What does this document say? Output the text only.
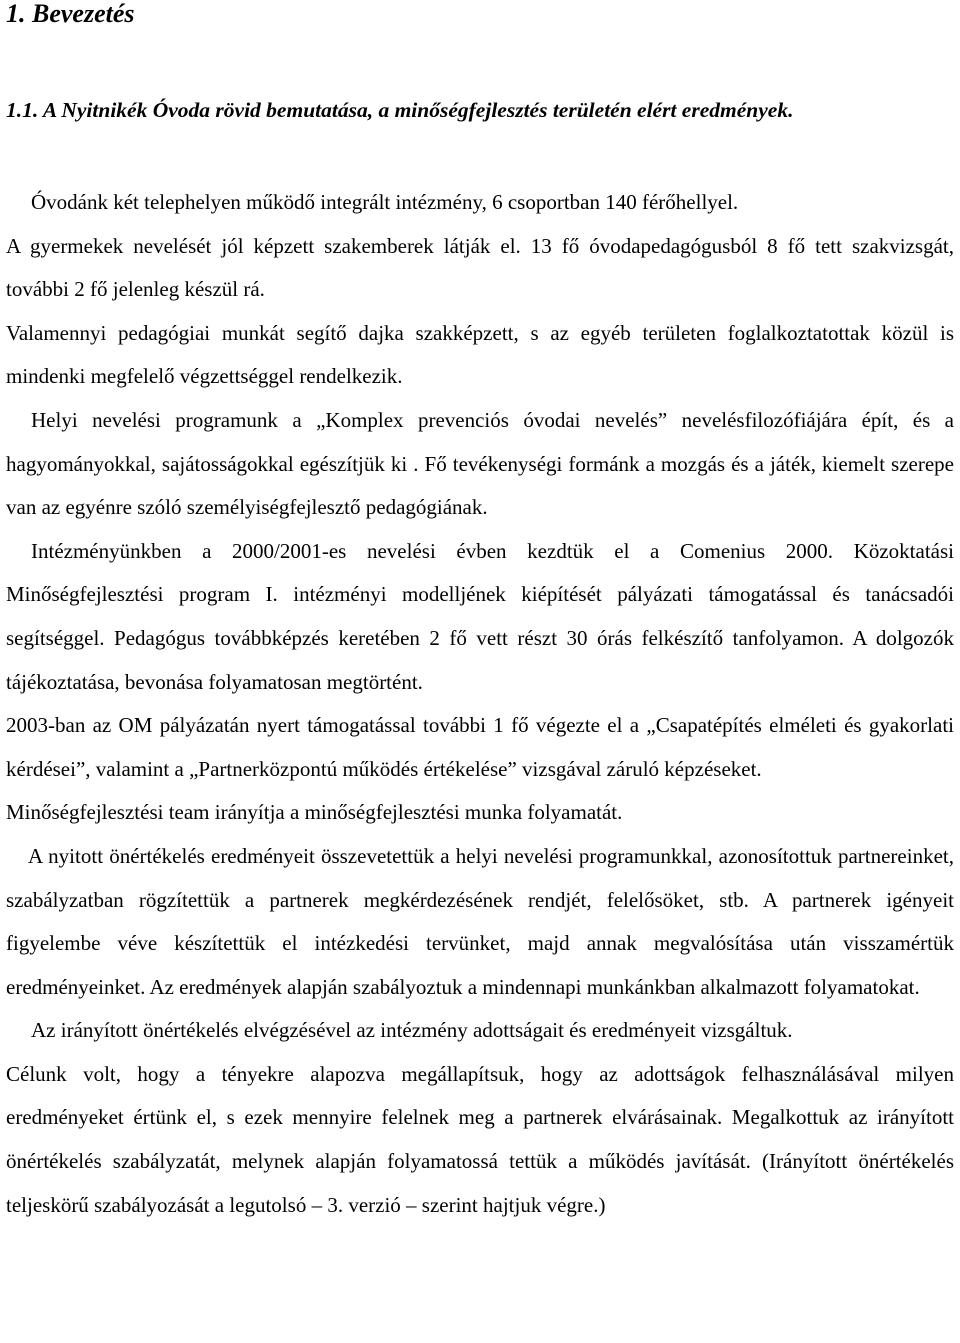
1. Bevezetés
1.1. A Nyitnikék Óvoda rövid bemutatása, a minőségfejlesztés területén elért eredmények.

Óvodánk két telephelyen működő integrált intézmény, 6 csoportban 140 férőhellyel.

A gyermekek nevelését jól képzett szakemberek látják el. 13 fő óvodapedagógusból 8 fő tett szakvizsgát, további 2 fő jelenleg készül rá.

Valamennyi pedagógiai munkát segítő dajka szakképzett, s az egyéb területen foglalkoztatottak közül is mindenki megfelelő végzettséggel rendelkezik.

Helyi nevelési programunk a „Komplex prevenciós óvodai nevelés” nevelésfilozófiájára épít, és a hagyományokkal, sajátosságokkal egészítjük ki . Fő tevékenységi formánk a mozgás és a játék, kiemelt szerepe van az egyénre szóló személyiségfejlesztő pedagógiának.

Intézményünkben a 2000/2001-es nevelési évben kezdtük el a Comenius 2000. Közoktatási Minőségfejlesztési program I. intézményi modelljének kiépítését pályázati támogatással és tanácsadói segítséggel. Pedagógus továbbképzés keretében 2 fő vett részt 30 órás felkészítő tanfolyamon. A dolgozók tájékoztatása, bevonása folyamatosan megtörtént.

2003-ban az OM pályázatán nyert támogatással további 1 fő végezte el a „Csapatépítés elméleti és gyakorlati kérdései”, valamint a „Partnerközpontú működés értékelése” vizsgával záruló képzéseket.

Minőségfejlesztési team irányítja a minőségfejlesztési munka folyamatát.

A nyitott önértékelés eredményeit összevetettük a helyi nevelési programunkkal, azonosítottuk partnereinket, szabályzatban rögzítettük a partnerek megkérdezésének rendjét, felelősöket, stb. A partnerek igényeit figyelembe véve készítettük el intézkedési tervünket, majd annak megvalósítása után visszamértük eredményeinket. Az eredmények alapján szabályoztuk a mindennapi munkánkban alkalmazott folyamatokat.

Az irányított önértékelés elvégzésével az intézmény adottságait és eredményeit vizsgáltuk.

Célunk volt, hogy a tényekre alapozva megállapítsuk, hogy az adottságok felhasználásával milyen eredményeket értünk el, s ezek mennyire felelnek meg a partnerek elvárásainak. Megalkottuk az irányított önértékelés szabályzatát, melynek alapján folyamatossá tettük a működés javítását. (Irányított önértékelés teljeskörű szabályozását a legutolsó – 3. verzió – szerint hajtjuk végre.)
